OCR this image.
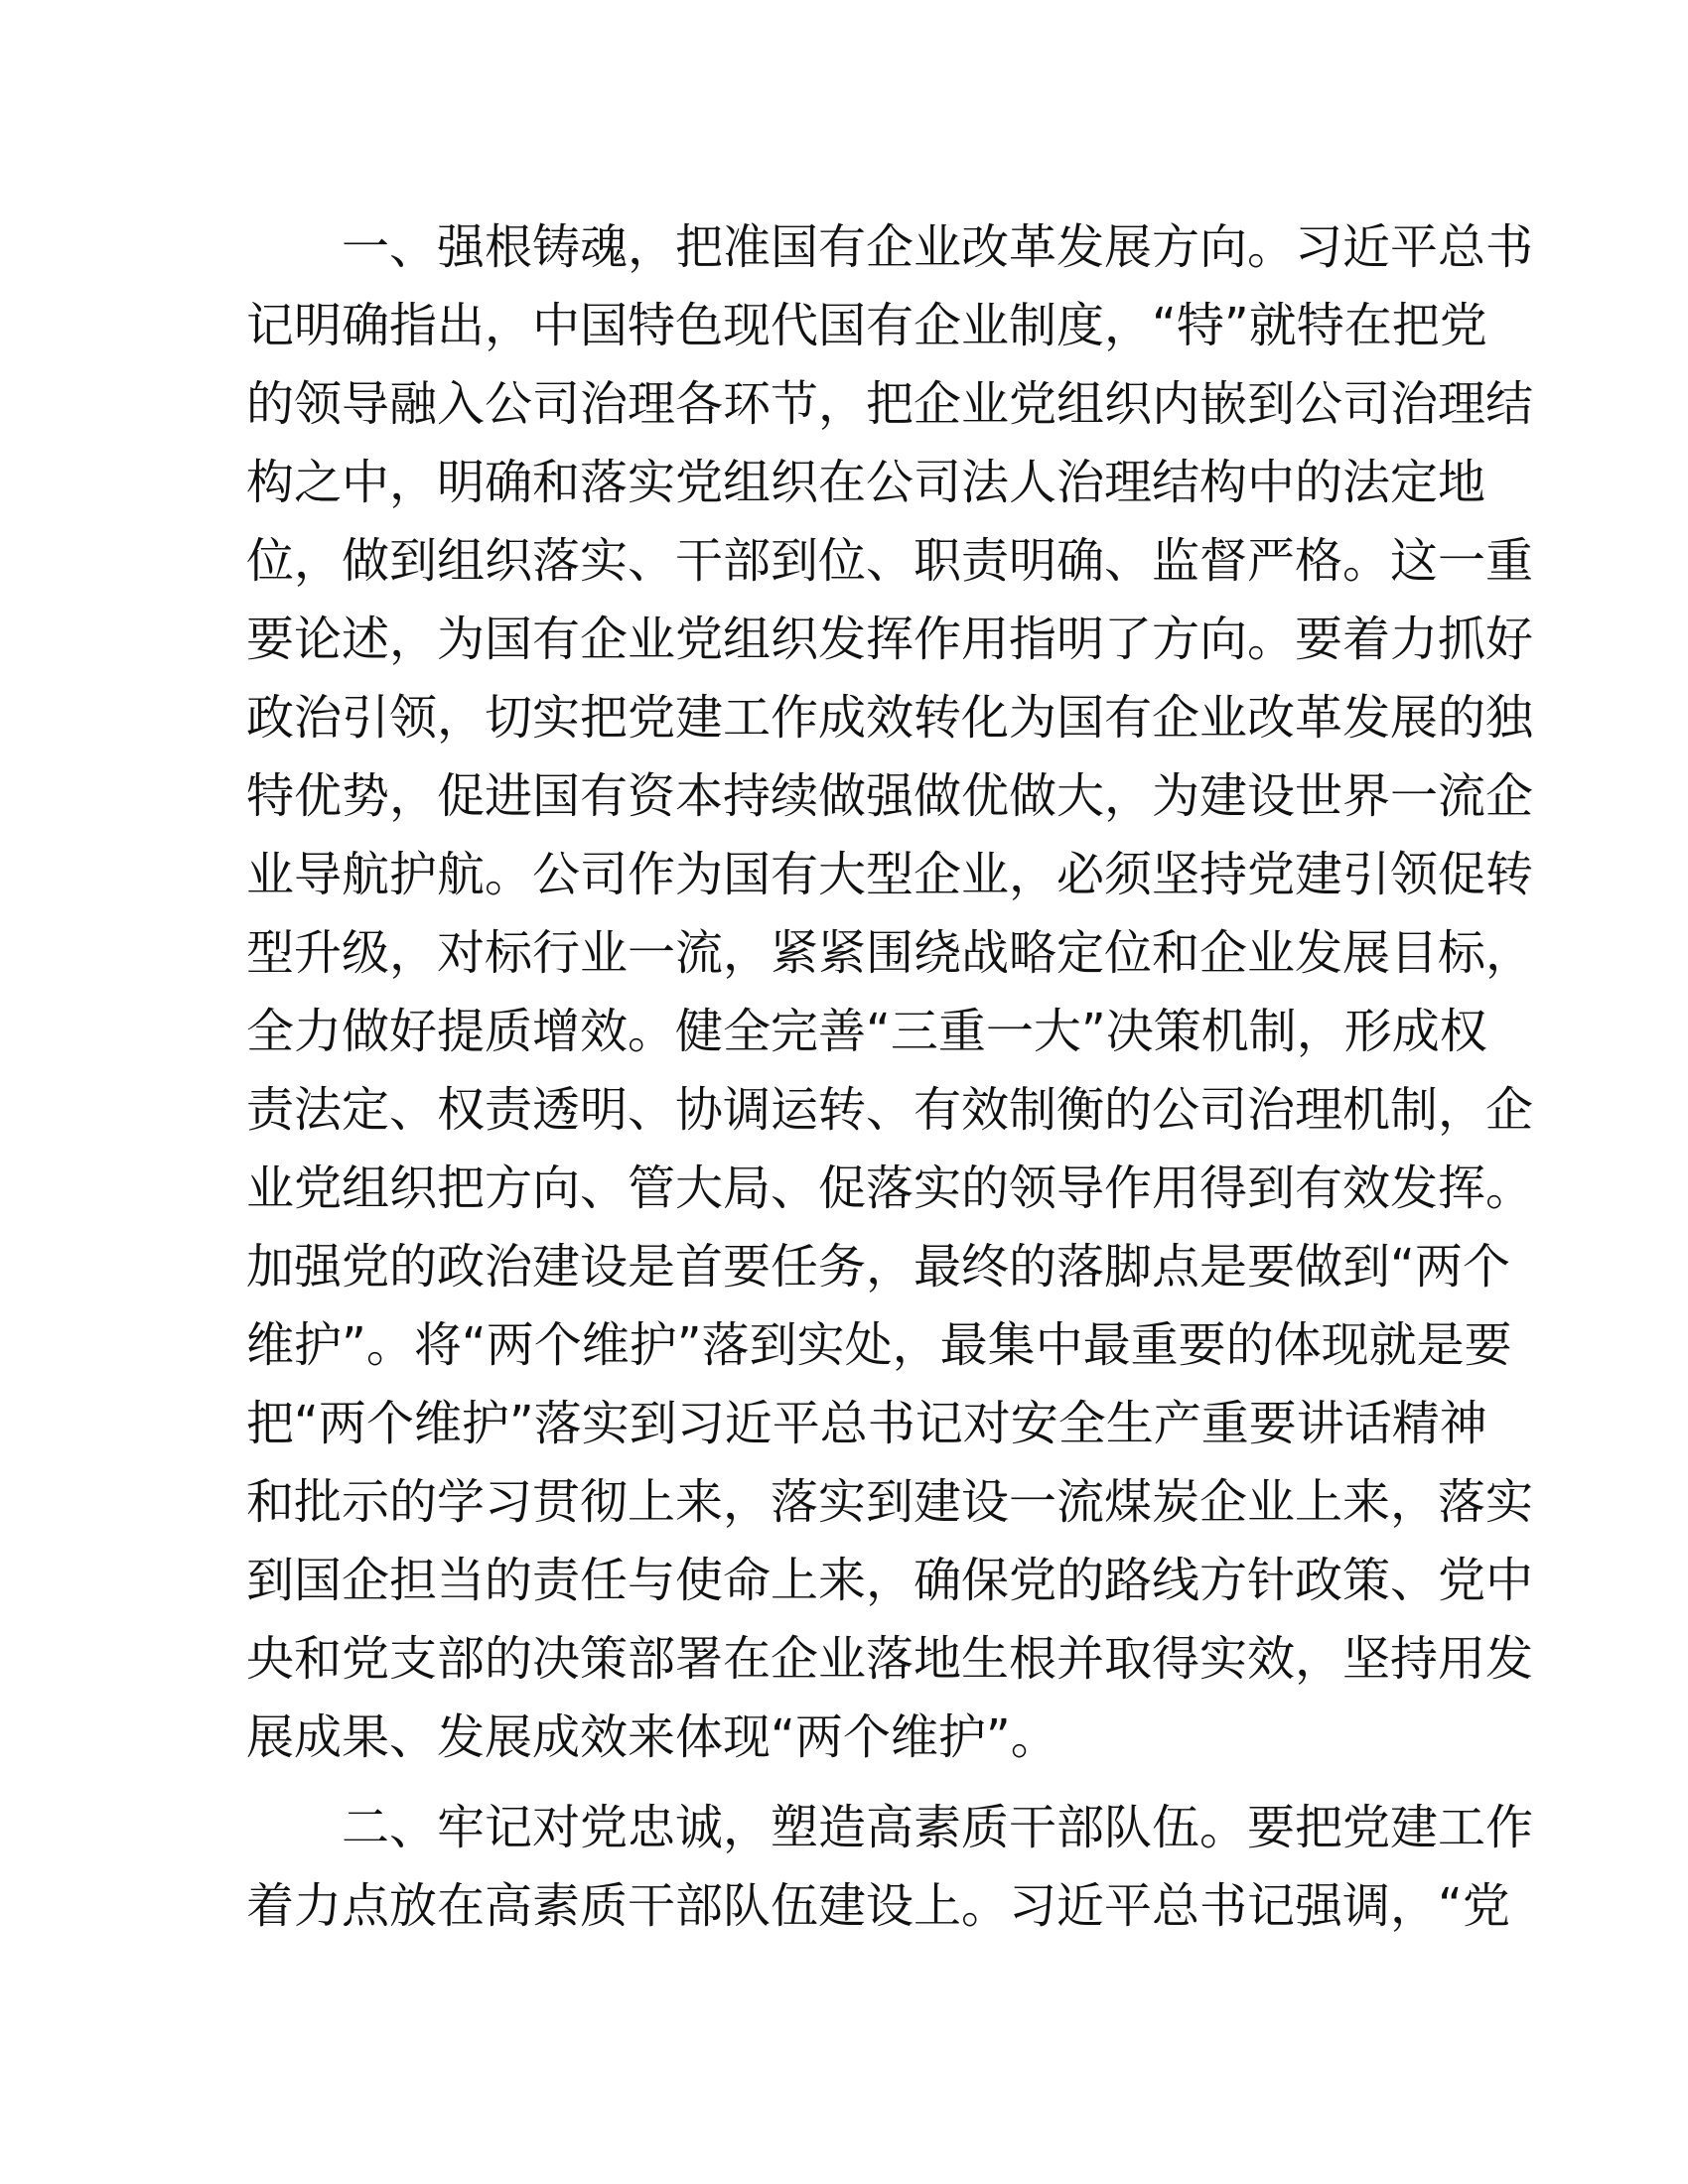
一、强根铸魂，把准国有企业改革发展方向。习近平总书
记明确指出，中国特色现代国有企业制度，“特”就特在把党
的领导融入公司治理各环节，把企业党组织内嵌到公司治理结
构之中，明确和落实党组织在公司法人治理结构中的法定地
位，做到组织落实、干部到位、职责明确、监督严格。这一重
要论述，为国有企业党组织发挥作用指明了方向。要着力抓好
政治引领，切实把党建工作成效转化为国有企业改革发展的独
特优势，促进国有资本持续做强做优做大，为建设世界一流企
业导航护航。公司作为国有大型企业，必须坚持党建引领促转
型升级，对标行业一流，紧紧围绕战略定位和企业发展目标，
全力做好提质增效。健全完善“三重一大”决策机制，形成权
责法定、权责透明、协调运转、有效制衡的公司治理机制，企
业党组织把方向、管大局、促落实的领导作用得到有效发挥。
加强党的政治建设是首要任务，最终的落脚点是要做到“两个
维护”。将“两个维护”落到实处，最集中最重要的体现就是要
把“两个维护”落实到习近平总书记对安全生产重要讲话精神
和批示的学习贯彻上来，落实到建设一流煤炭企业上来，落实
到国企担当的责任与使命上来，确保党的路线方针政策、党中
央和党支部的决策部署在企业落地生根并取得实效，坚持用发
展成果、发展成效来体现“两个维护”。
二、牢记对党忠诚，塑造高素质干部队伍。要把党建工作
着力点放在高素质干部队伍建设上。习近平总书记强调，“党
